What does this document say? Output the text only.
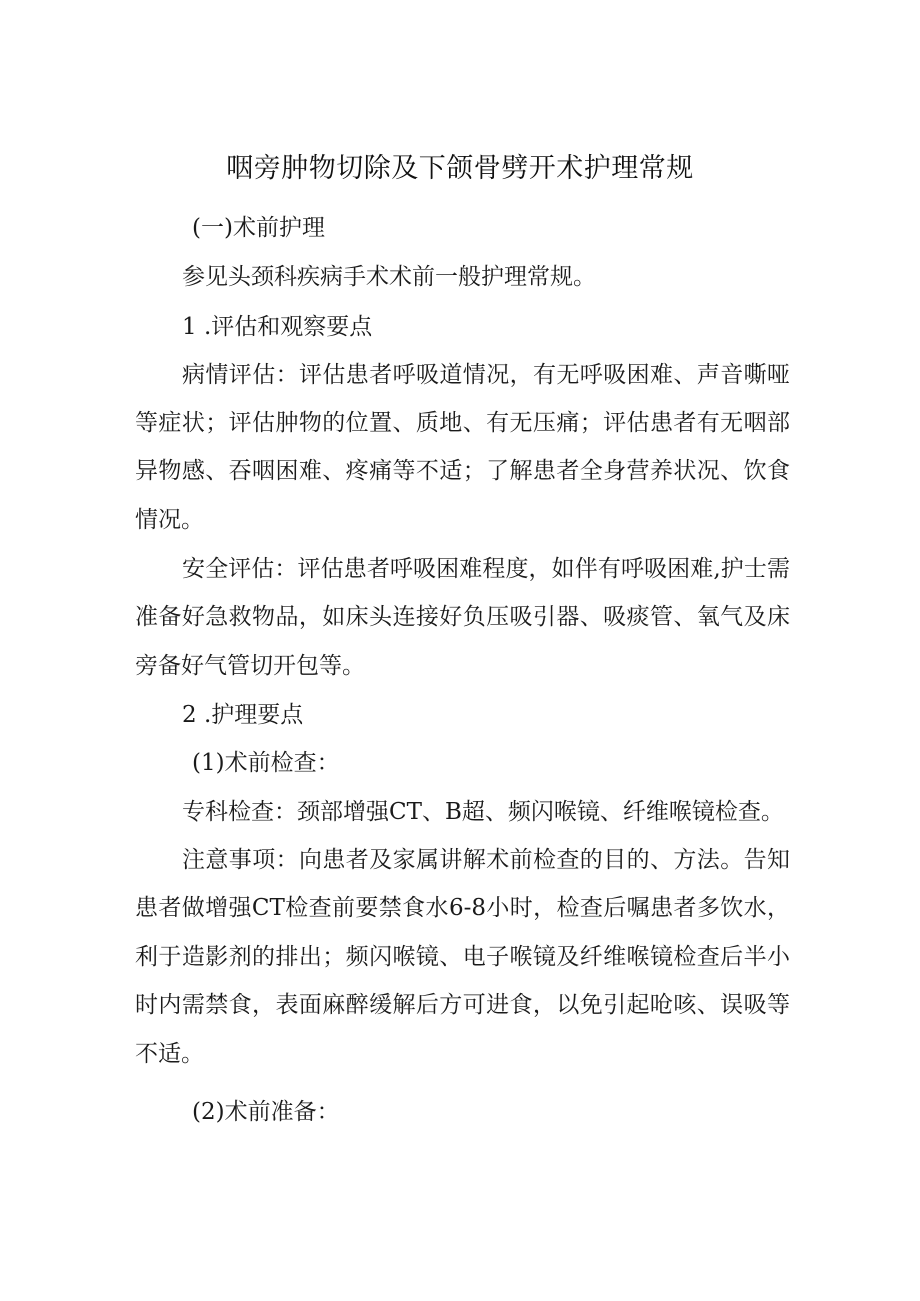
咽旁肿物切除及下颌骨劈开术护理常规
(一)术前护理
参见头颈科疾病手术术前一般护理常规。
1 .评估和观察要点
病情评估：评估患者呼吸道情况，有无呼吸困难、声音嘶哑
等症状；评估肿物的位置、质地、有无压痛；评估患者有无咽部
异物感、吞咽困难、疼痛等不适；了解患者全身营养状况、饮食
情况。
安全评估：评估患者呼吸困难程度，如伴有呼吸困难,护士需
准备好急救物品，如床头连接好负压吸引器、吸痰管、氧气及床
旁备好气管切开包等。
2 .护理要点
(1)术前检查：
专科检查：颈部增强CT、B超、频闪喉镜、纤维喉镜检查。
注意事项：向患者及家属讲解术前检查的目的、方法。告知
患者做增强CT检查前要禁食水6-8小时，检查后嘱患者多饮水，
利于造影剂的排出；频闪喉镜、电子喉镜及纤维喉镜检查后半小
时内需禁食，表面麻醉缓解后方可进食，以免引起呛咳、误吸等
不适。
(2)术前准备：
